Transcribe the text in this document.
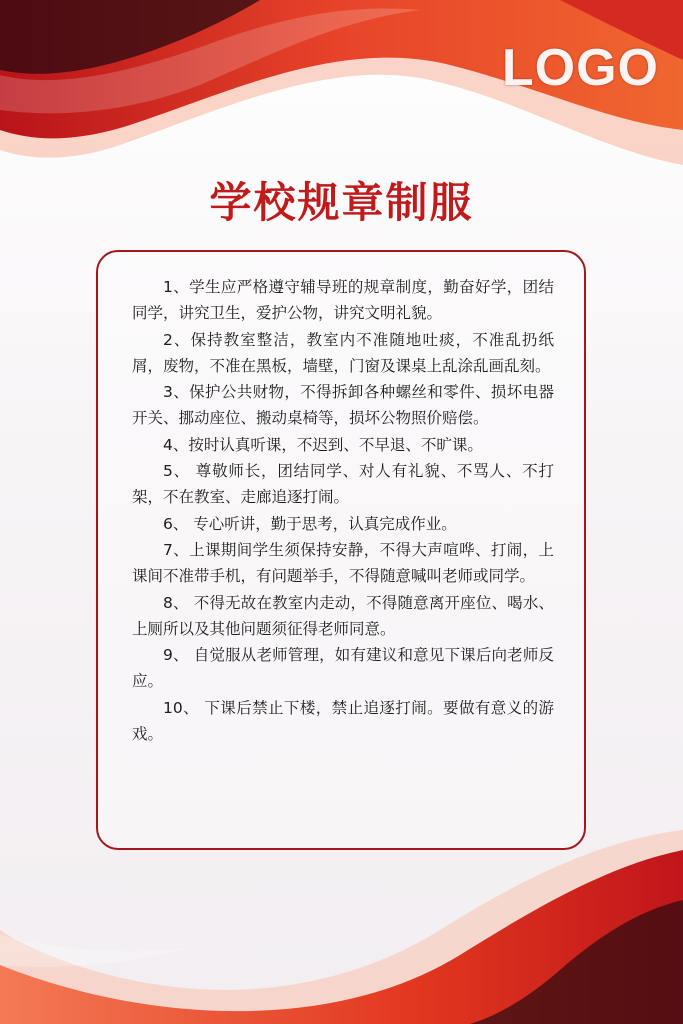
LOGO
学校规章制服

1、学生应严格遵守辅导班的规章制度，勤奋好学，团结同学，讲究卫生，爱护公物，讲究文明礼貌。

2、保持教室整洁，教室内不准随地吐痰，不准乱扔纸屑，废物，不准在黑板，墙壁，门窗及课桌上乱涂乱画乱刻。

3、保护公共财物，不得拆卸各种螺丝和零件、损坏电器开关、挪动座位、搬动桌椅等，损坏公物照价赔偿。

4、按时认真听课，不迟到、不早退、不旷课。

5、 尊敬师长，团结同学、对人有礼貌、不骂人、不打架，不在教室、走廊追逐打闹。

6、 专心听讲，勤于思考，认真完成作业。

7、上课期间学生须保持安静，不得大声喧哗、打闹，上课间不准带手机，有问题举手，不得随意喊叫老师或同学。

8、 不得无故在教室内走动，不得随意离开座位、喝水、上厕所以及其他问题须征得老师同意。

9、 自觉服从老师管理，如有建议和意见下课后向老师反应。

10、 下课后禁止下楼，禁止追逐打闹。要做有意义的游戏。
